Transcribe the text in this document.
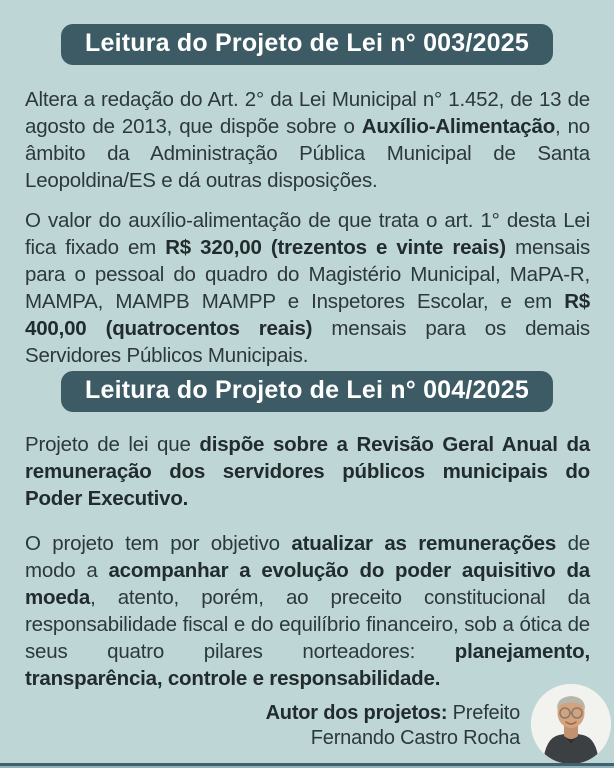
Leitura do Projeto de Lei n° 003/2025

Altera a redação do Art. 2° da Lei Municipal n° 1.452, de 13 de agosto de 2013, que dispõe sobre o Auxílio-Alimentação, no âmbito da Administração Pública Municipal de Santa Leopoldina/ES e dá outras disposições.

O valor do auxílio-alimentação de que trata o art. 1° desta Lei fica fixado em R$ 320,00 (trezentos e vinte reais) mensais para o pessoal do quadro do Magistério Municipal, MaPA-R, MAMPA, MAMPB MAMPP e Inspetores Escolar, e em R$ 400,00 (quatrocentos reais) mensais para os demais Servidores Públicos Municipais.

Leitura do Projeto de Lei n° 004/2025

Projeto de lei que dispõe sobre a Revisão Geral Anual da remuneração dos servidores públicos municipais do Poder Executivo.

O projeto tem por objetivo atualizar as remunerações de modo a acompanhar a evolução do poder aquisitivo da moeda, atento, porém, ao preceito constitucional da responsabilidade fiscal e do equilíbrio financeiro, sob a ótica de seus quatro pilares norteadores: planejamento, transparência, controle e responsabilidade.

Autor dos projetos: Prefeito
Fernando Castro Rocha
